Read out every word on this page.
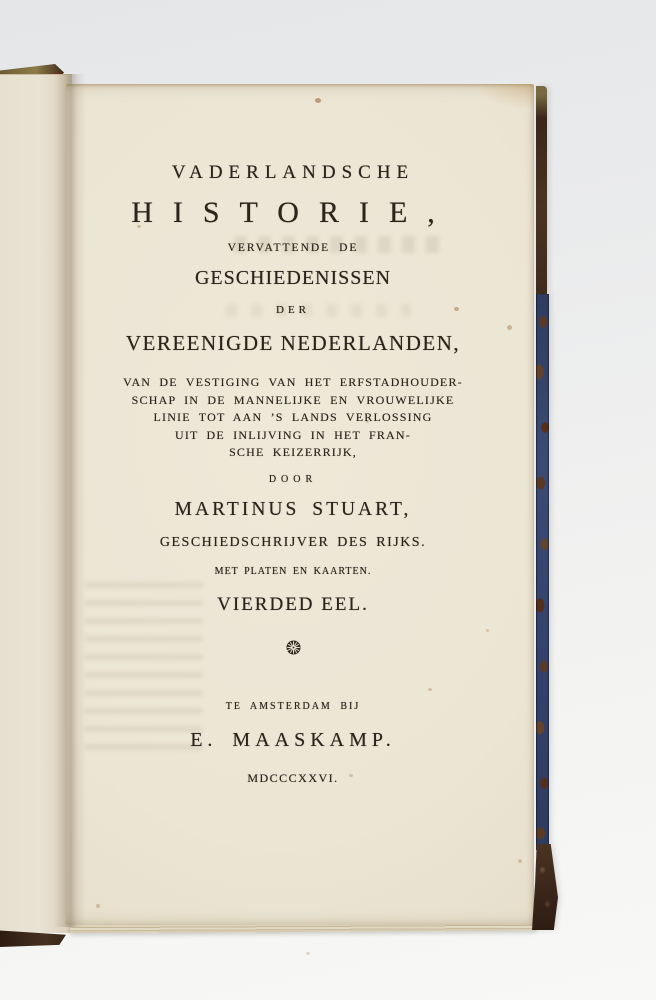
VADERLANDSCHE
HISTORIE,
VERVATTENDE DE
GESCHIEDENISSEN
DER
VEREENIGDE NEDERLANDEN,
VAN DE VESTIGING VAN HET ERFSTADHOUDER-
SCHAP IN DE MANNELIJKE EN VROUWELIJKE
LINIE TOT AAN ’S LANDS VERLOSSING
UIT DE INLIJVING IN HET FRAN-
SCHE KEIZERRIJK,
DOOR
MARTINUS STUART,
GESCHIEDSCHRIJVER DES RIJKS.
MET PLATEN EN KAARTEN.
VIERDED EEL.
TE AMSTERDAM BIJ
E. MAASKAMP.
MDCCCXXVI.
